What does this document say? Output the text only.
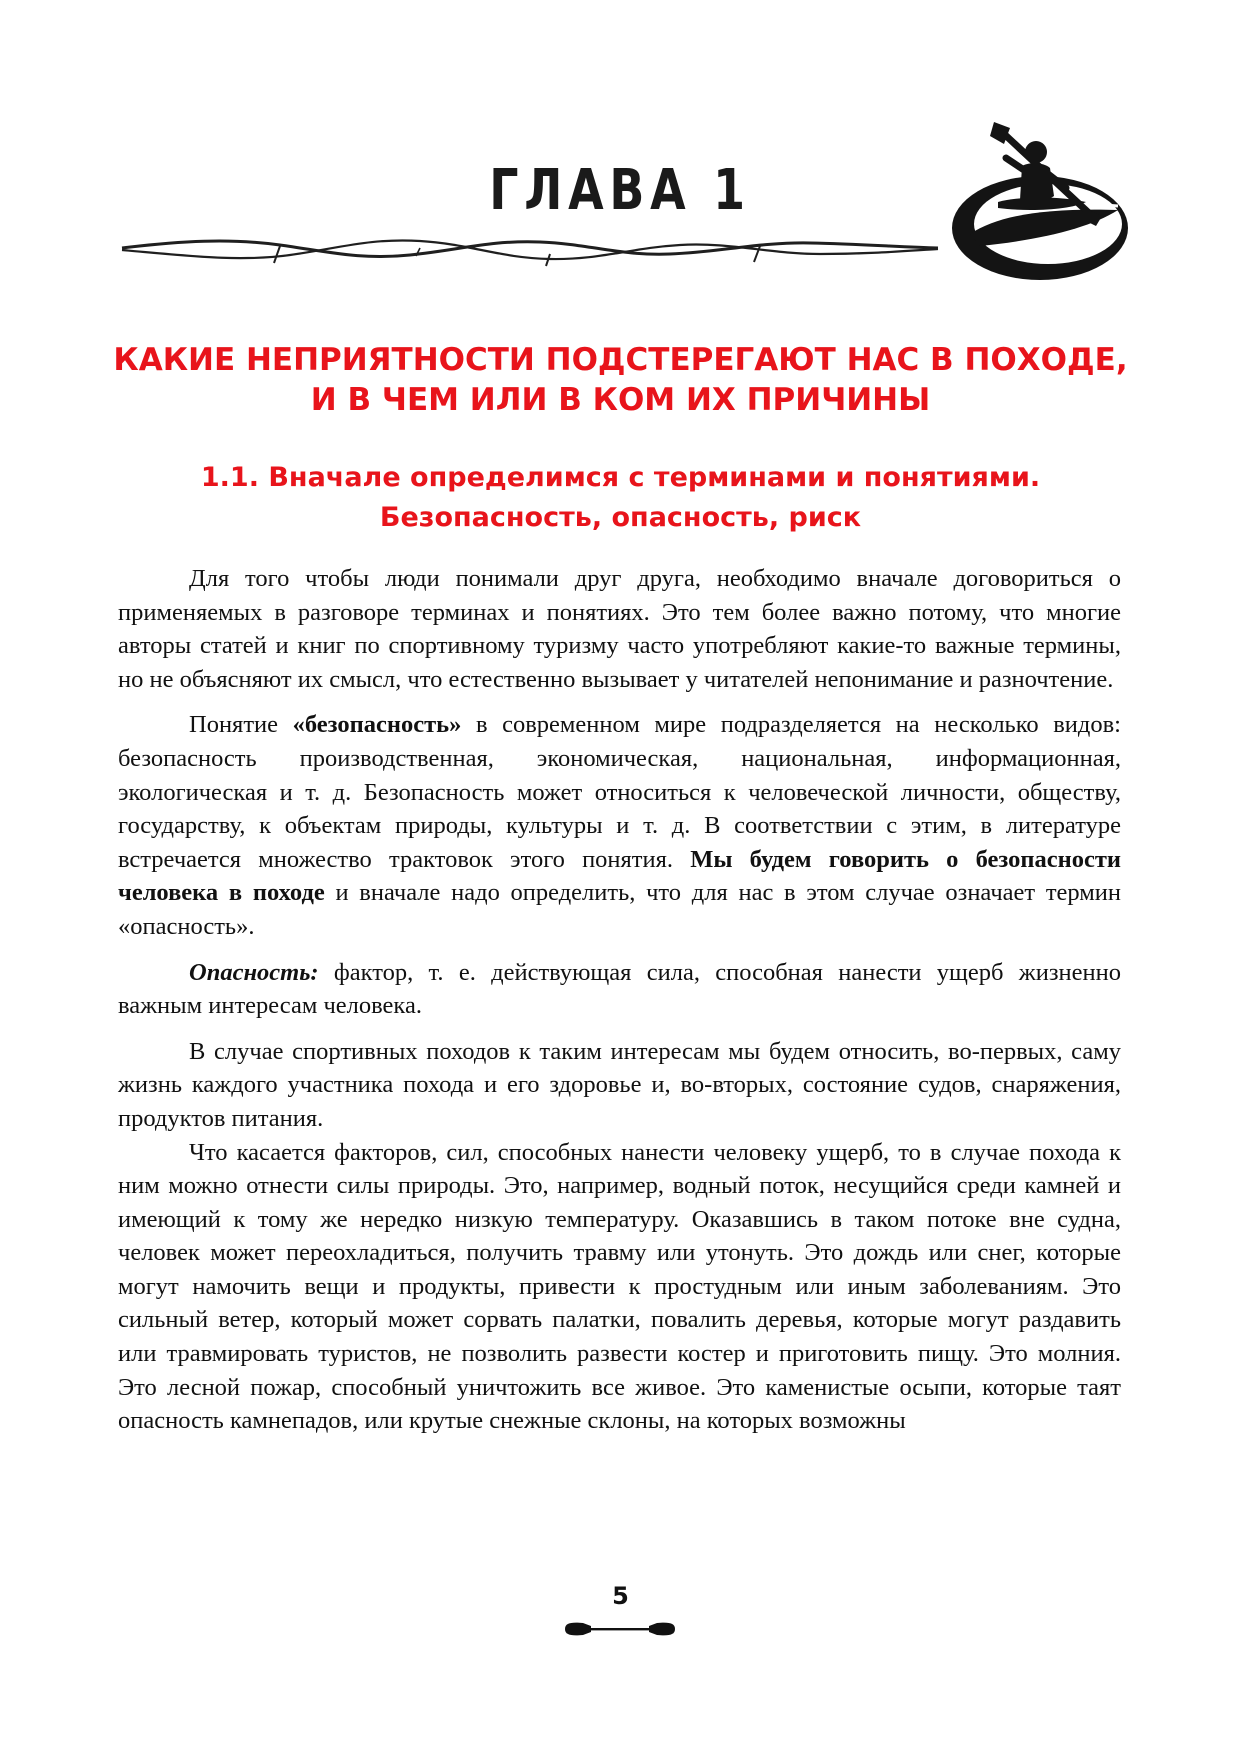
ГЛАВА 1
КАКИЕ НЕПРИЯТНОСТИ ПОДСТЕРЕГАЮТ НАС В ПОХОДЕ,
И В ЧЕМ ИЛИ В КОМ ИХ ПРИЧИНЫ
1.1. Вначале определимся с терминами и понятиями.
Безопасность, опасность, риск

Для того чтобы люди понимали друг друга, необходимо вначале договориться о применяемых в разговоре терминах и понятиях. Это тем более важно потому, что многие авторы статей и книг по спортивному туризму часто употребляют какие-то важные термины, но не объясняют их смысл, что естественно вызывает у читателей непонимание и разночтение.

Понятие «безопасность» в современном мире подразделяется на несколько видов: безопасность производственная, экономическая, национальная, информационная, экологическая и т. д. Безопасность может относиться к человеческой личности, обществу, государству, к объектам природы, культуры и т. д. В соответствии с этим, в литературе встречается множество трактовок этого понятия. Мы будем говорить о безопасности человека в походе и вначале надо определить, что для нас в этом случае означает термин «опасность».

Опасность: фактор, т. е. действующая сила, способная нанести ущерб жизненно важным интересам человека.

В случае спортивных походов к таким интересам мы будем относить, во-первых, саму жизнь каждого участника похода и его здоровье и, во-вторых, состояние судов, снаряжения, продуктов питания.

Что касается факторов, сил, способных нанести человеку ущерб, то в случае похода к ним можно отнести силы природы. Это, например, водный поток, несущийся среди камней и имеющий к тому же нередко низкую температуру. Оказавшись в таком потоке вне судна, человек может переохладиться, получить травму или утонуть. Это дождь или снег, которые могут намочить вещи и продукты, привести к простудным или иным заболеваниям. Это сильный ветер, который может сорвать палатки, повалить деревья, которые могут раздавить или травмировать туристов, не позволить развести костер и приготовить пищу. Это молния. Это лесной пожар, способный уничтожить все живое. Это каменистые осыпи, которые таят опасность камнепадов, или крутые снежные склоны, на которых возможны

5
